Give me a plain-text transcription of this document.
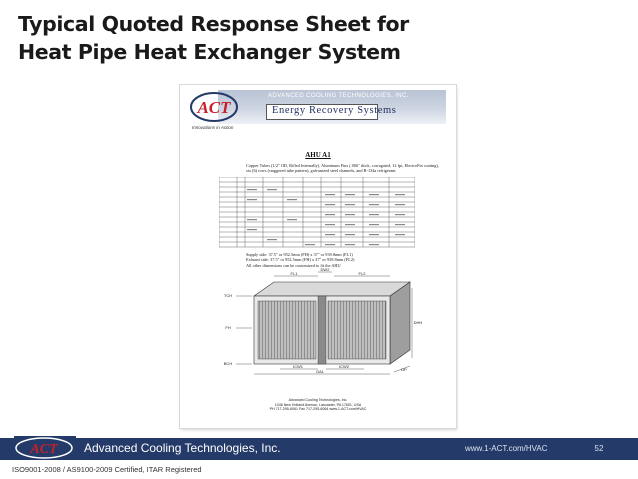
Typical Quoted Response Sheet for
Heat Pipe Heat Exchanger System
ACT
ADVANCED COOLING TECHNOLOGIES, INC.
Energy Recovery Systems
Innovations in Action
AHU A1
Copper Tubes (1/2" OD, Rifled Internally), Aluminum Fins (.006" thick, corrugated, 12 fpi, ElectroFin coating), six (6) rows (staggered tube pattern), galvanized steel channels, and R-134a refrigerant.
Supply side: 37.5" or 952.5mm (FH) x 37" or 939.8mm (FL1)
Exhaust side: 37.5" or 952.5mm (FH) x 37" or 939.8mm (FL2)
All other dimensions can be customized to fit the AHU
FL1
DW2
FL2
TCH
FH
BCH
DHH
ICW1	ICW2
OAL	DP
Advanced Cooling Technologies, Inc.
1046 New Holland Avenue, Lancaster, PA 17601, USA
PH 717-295-6061 Fax 717-295-6064 www.1-ACT.com/HVAC
ACT Advanced Cooling Technologies, Inc.	www.1-ACT.com/HVAC	52
ISO9001-2008 / AS9100-2009 Certified, ITAR Registered
